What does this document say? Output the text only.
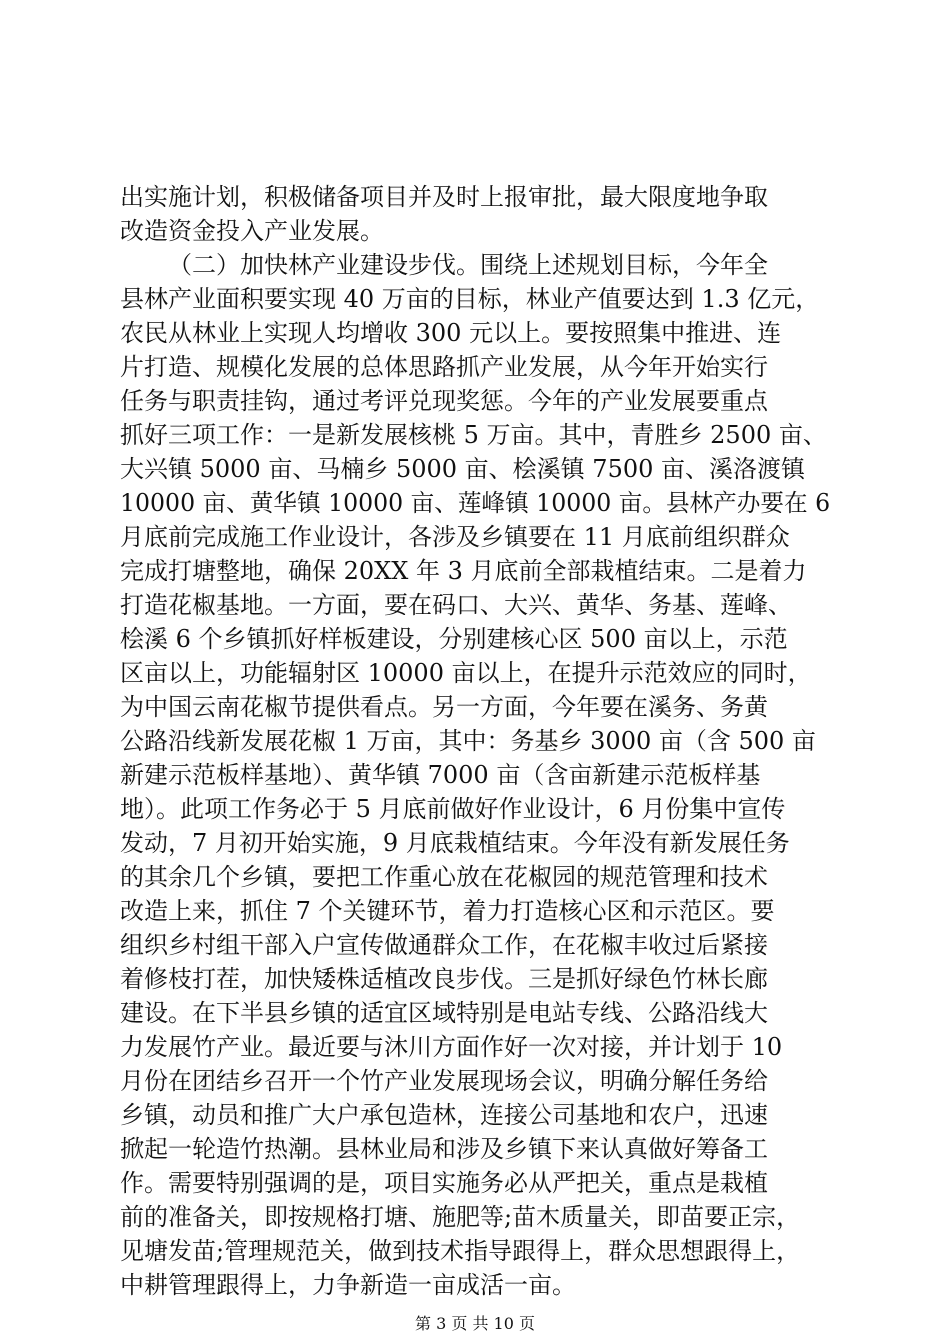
出实施计划，积极储备项目并及时上报审批，最大限度地争取
改造资金投入产业发展。
（二）加快林产业建设步伐。围绕上述规划目标，今年全
县林产业面积要实现 40 万亩的目标，林业产值要达到 1.3 亿元，
农民从林业上实现人均增收 300 元以上。要按照集中推进、连
片打造、规模化发展的总体思路抓产业发展，从今年开始实行
任务与职责挂钩，通过考评兑现奖惩。今年的产业发展要重点
抓好三项工作：一是新发展核桃 5 万亩。其中，青胜乡 2500 亩、
大兴镇 5000 亩、马楠乡 5000 亩、桧溪镇 7500 亩、溪洛渡镇
10000 亩、黄华镇 10000 亩、莲峰镇 10000 亩。县林产办要在 6
月底前完成施工作业设计，各涉及乡镇要在 11 月底前组织群众
完成打塘整地，确保 20XX 年 3 月底前全部栽植结束。二是着力
打造花椒基地。一方面，要在码口、大兴、黄华、务基、莲峰、
桧溪 6 个乡镇抓好样板建设，分别建核心区 500 亩以上，示范
区亩以上，功能辐射区 10000 亩以上，在提升示范效应的同时，
为中国云南花椒节提供看点。另一方面，今年要在溪务、务黄
公路沿线新发展花椒 1 万亩，其中：务基乡 3000 亩（含 500 亩
新建示范板样基地）、黄华镇 7000 亩（含亩新建示范板样基
地）。此项工作务必于 5 月底前做好作业设计，6 月份集中宣传
发动，7 月初开始实施，9 月底栽植结束。今年没有新发展任务
的其余几个乡镇，要把工作重心放在花椒园的规范管理和技术
改造上来，抓住 7 个关键环节，着力打造核心区和示范区。要
组织乡村组干部入户宣传做通群众工作，在花椒丰收过后紧接
着修枝打茬，加快矮株适植改良步伐。三是抓好绿色竹林长廊
建设。在下半县乡镇的适宜区域特别是电站专线、公路沿线大
力发展竹产业。最近要与沐川方面作好一次对接，并计划于 10
月份在团结乡召开一个竹产业发展现场会议，明确分解任务给
乡镇，动员和推广大户承包造林，连接公司基地和农户，迅速
掀起一轮造竹热潮。县林业局和涉及乡镇下来认真做好筹备工
作。需要特别强调的是，项目实施务必从严把关，重点是栽植
前的准备关，即按规格打塘、施肥等;苗木质量关，即苗要正宗，
见塘发苗;管理规范关，做到技术指导跟得上，群众思想跟得上，
中耕管理跟得上，力争新造一亩成活一亩。
第 3 页 共 10 页
